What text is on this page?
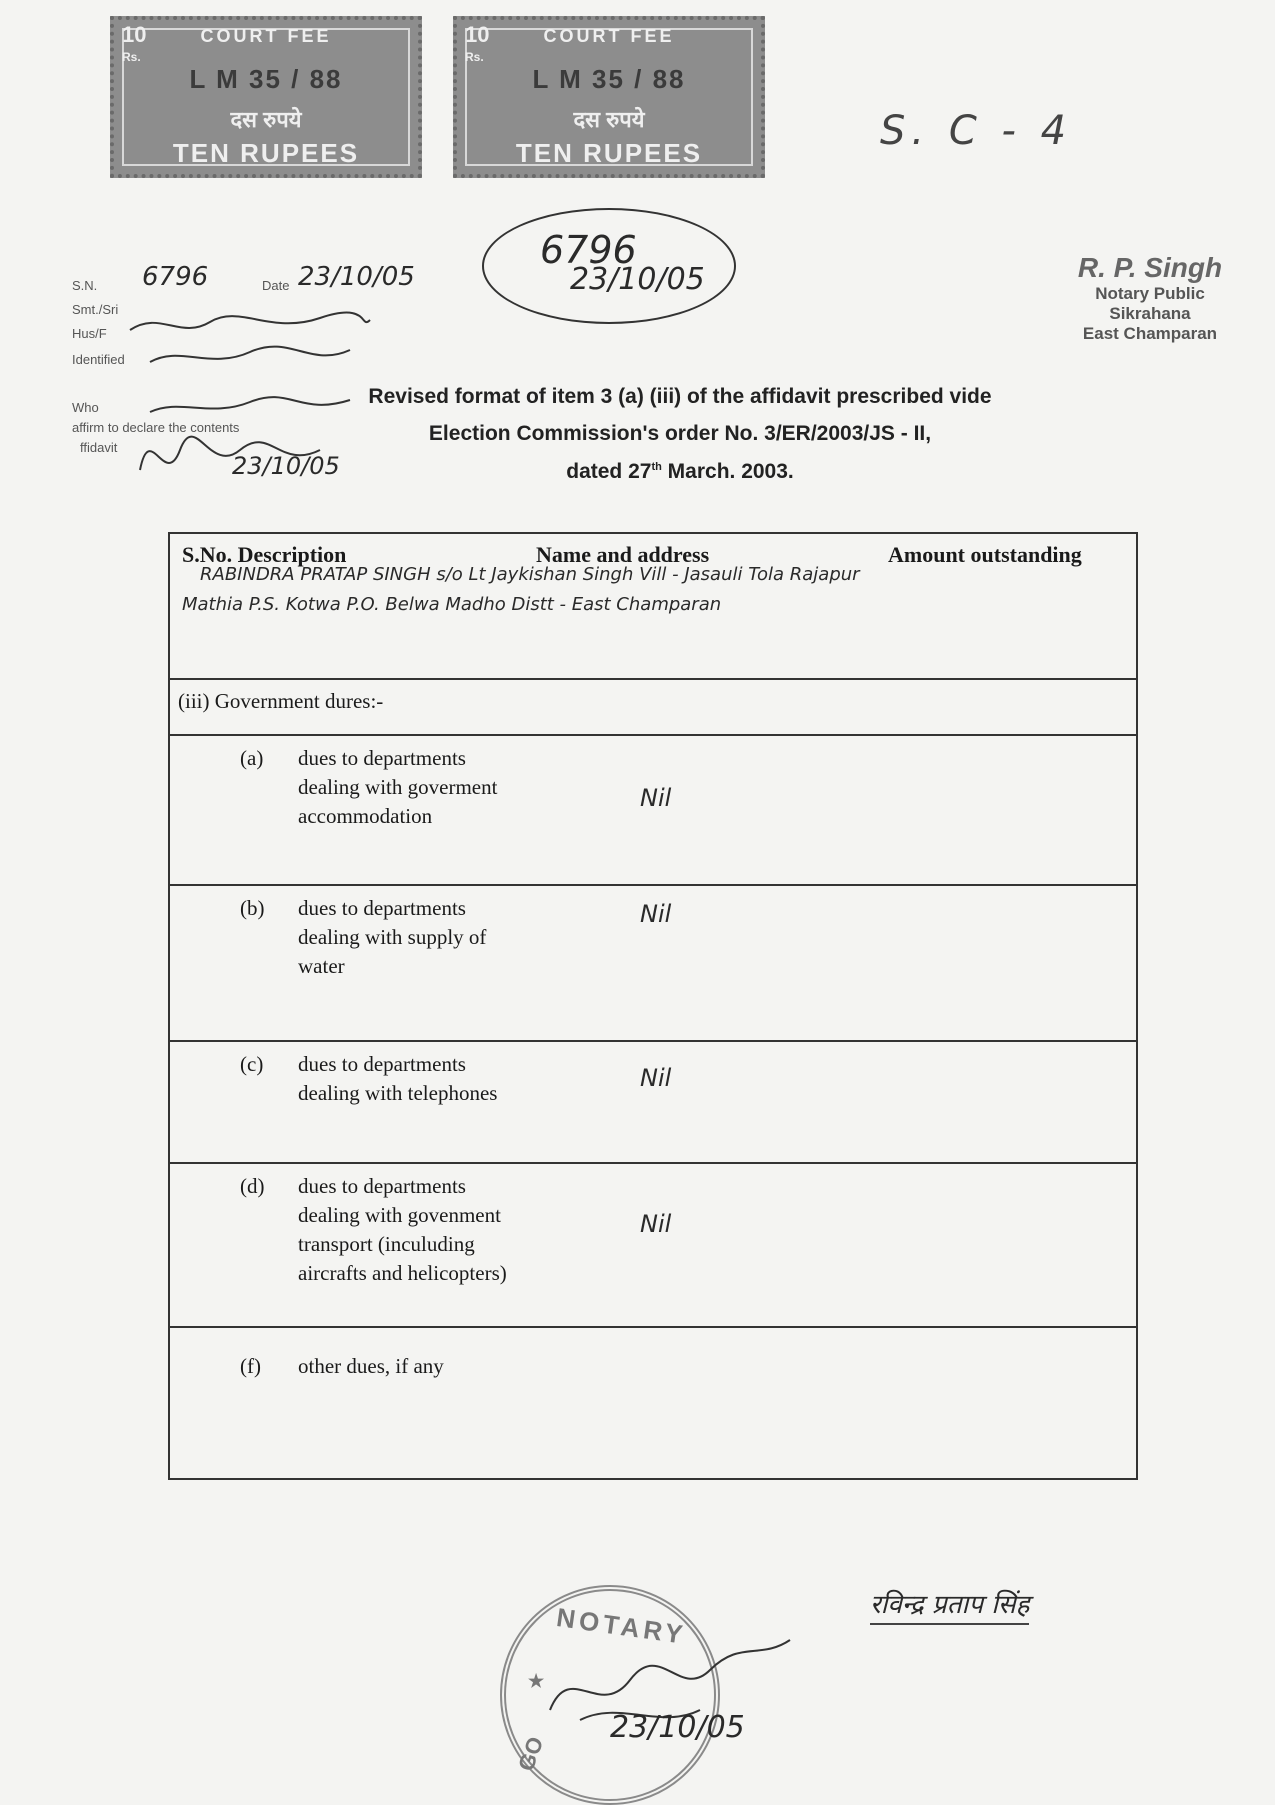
10
Rs.
COURT FEE
L M 35 / 88
दस रुपये
TEN RUPEES
10
Rs.
COURT FEE
L M 35 / 88
दस रुपये
TEN RUPEES	S. C - 4
6796
23/10/05
S.N. 6796	Date 23/10/05
Smt./Sri
Hus/F
Identified
Who
affirm to declare the contents
ffidavit
23/10/05
R. P. Singh
Notary Public
Sikrahana
East Champaran
Revised format of item 3 (a) (iii) of the affidavit prescribed vide
Election Commission's order No. 3/ER/2003/JS - II,
dated 27th March. 2003.
S.No. Description	Name and address	Amount outstanding
RABINDRA PRATAP SINGH s/o Lt Jaykishan Singh Vill - Jasauli Tola Rajapur
Mathia P.S. Kotwa P.O. Belwa Madho Distt - East Champaran
(iii) Government dures:-
(a) dues to departments
dealing with goverment
accommodation
Nil
(b) dues to departments
dealing with supply of
water
Nil
(c) dues to departments
dealing with telephones
Nil
(d) dues to departments
dealing with govenment
transport (inculuding
aircrafts and helicopters)
Nil
(f) other dues, if any
रविन्द्र प्रताप सिंह
NOTARY
GO
★
23/10/05
